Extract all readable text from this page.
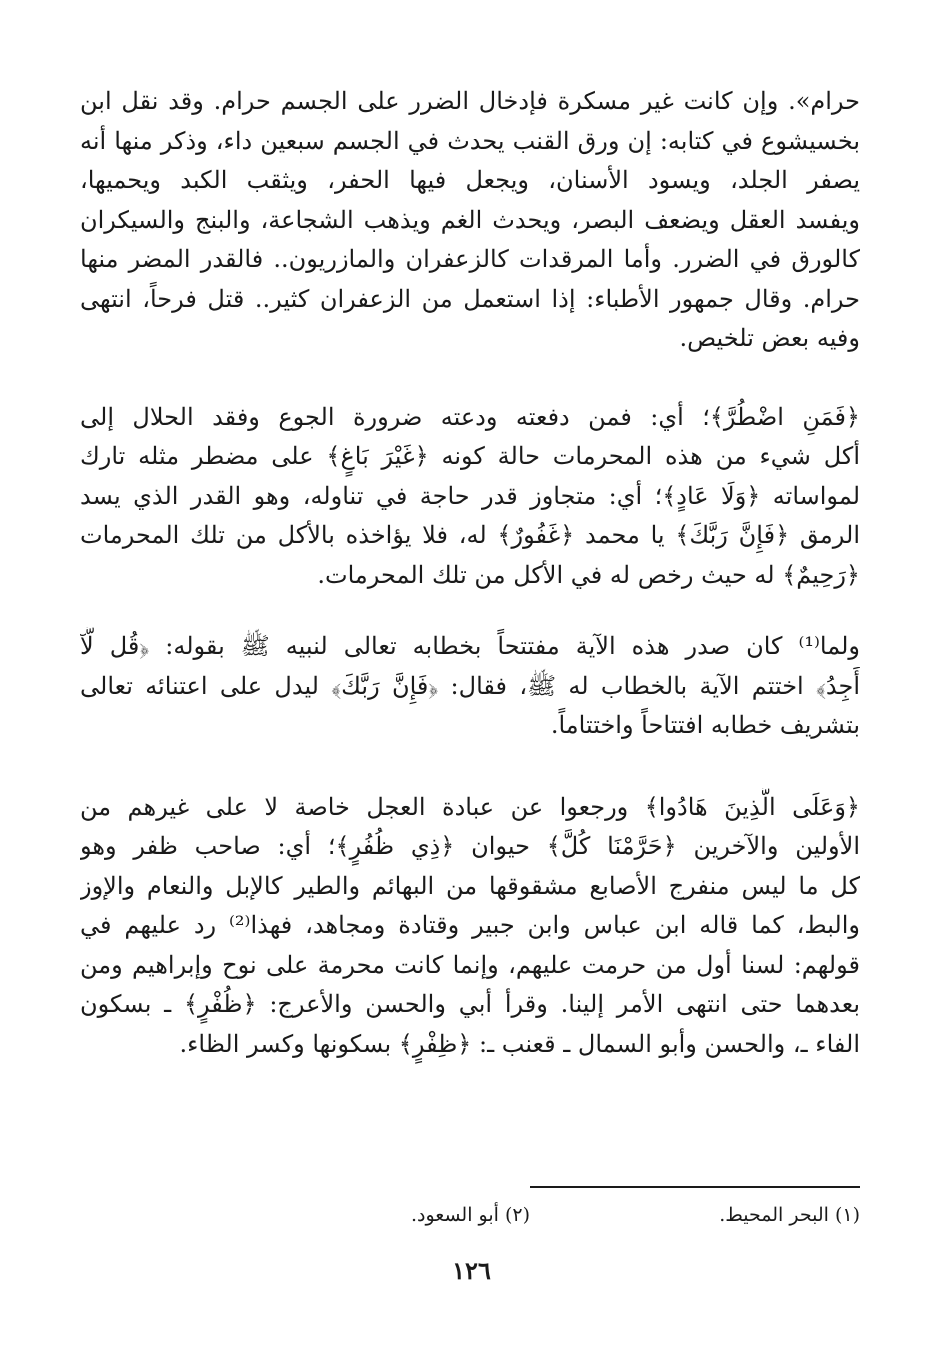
حرام». وإن كانت غير مسكرة فإدخال الضرر على الجسم حرام. وقد نقل ابن
بخسيشوع في كتابه: إن ورق القنب يحدث في الجسم سبعين داء، وذكر منها أنه
يصفر الجلد، ويسود الأسنان، ويجعل فيها الحفر، ويثقب الكبد ويحميها،
ويفسد العقل ويضعف البصر، ويحدث الغم ويذهب الشجاعة، والبنج والسيكران
كالورق في الضرر. وأما المرقدات كالزعفران والمازريون.. فالقدر المضر منها
حرام. وقال جمهور الأطباء: إذا استعمل من الزعفران كثير.. قتل فرحاً، انتهى
وفيه بعض تلخيص.

﴿فَمَنِ اضْطُرَّ﴾؛ أي: فمن دفعته ودعته ضرورة الجوع وفقد الحلال إلى
أكل شيء من هذه المحرمات حالة كونه ﴿غَيْرَ بَاغٍ﴾ على مضطر مثله تارك
لمواساته ﴿وَلَا عَادٍ﴾؛ أي: متجاوز قدر حاجة في تناوله، وهو القدر الذي يسد
الرمق ﴿فَإِنَّ رَبَّكَ﴾ يا محمد ﴿غَفُورٌ﴾ له، فلا يؤاخذه بالأكل من تلك المحرمات
﴿رَحِيمٌ﴾ له حيث رخص له في الأكل من تلك المحرمات.

ولما⁽¹⁾ كان صدر هذه الآية مفتتحاً بخطابه تعالى لنبيه ﷺ بقوله: ﴿قُل لَّآ
أَجِدُ﴾ اختتم الآية بالخطاب له ﷺ، فقال: ﴿فَإِنَّ رَبَّكَ﴾ ليدل على اعتنائه تعالى
بتشريف خطابه افتتاحاً واختتاماً.

﴿وَعَلَى الَّذِينَ هَادُوا﴾ ورجعوا عن عبادة العجل خاصة لا على غيرهم من
الأولين والآخرين ﴿حَرَّمْنَا كُلَّ﴾ حيوان ﴿ذِي ظُفُرٍ﴾؛ أي: صاحب ظفر وهو
كل ما ليس منفرج الأصابع مشقوقها من البهائم والطير كالإبل والنعام والإوز
والبط، كما قاله ابن عباس وابن جبير وقتادة ومجاهد، فهذا⁽²⁾ رد عليهم في
قولهم: لسنا أول من حرمت عليهم، وإنما كانت محرمة على نوح وإبراهيم ومن
بعدهما حتى انتهى الأمر إلينا. وقرأ أبي والحسن والأعرج: ﴿ظُفْرٍ﴾ ـ بسكون
الفاء ـ، والحسن وأبو السمال ـ قعنب ـ: ﴿ظِفْرٍ﴾ بسكونها وكسر الظاء.

(١) البحر المحيط.
(٢) أبو السعود.
١٢٦
